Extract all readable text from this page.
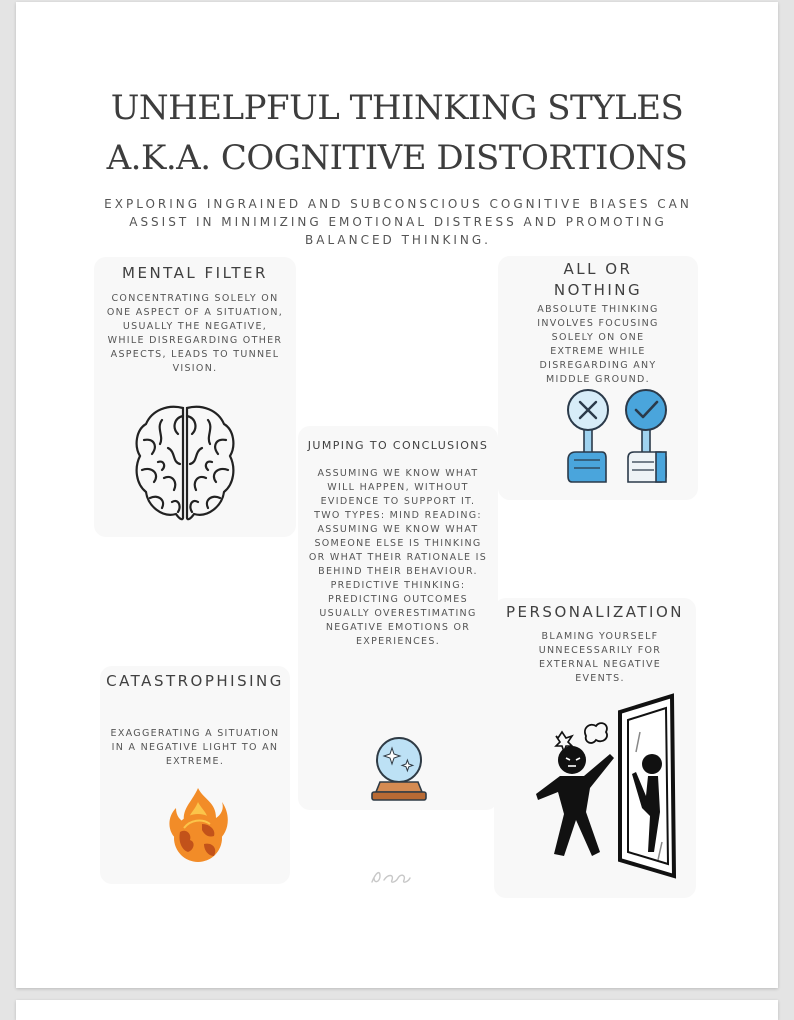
UNHELPFUL THINKING STYLES
A.K.A. COGNITIVE DISTORTIONS
EXPLORING INGRAINED AND SUBCONSCIOUS COGNITIVE BIASES CAN ASSIST IN MINIMIZING EMOTIONAL DISTRESS AND PROMOTING BALANCED THINKING.
MENTAL FILTER
CONCENTRATING SOLELY ON ONE ASPECT OF A SITUATION, USUALLY THE NEGATIVE, WHILE DISREGARDING OTHER ASPECTS, LEADS TO TUNNEL VISION.
ALL OR NOTHING
ABSOLUTE THINKING INVOLVES FOCUSING SOLELY ON ONE EXTREME WHILE DISREGARDING ANY MIDDLE GROUND.
JUMPING TO CONCLUSIONS
ASSUMING WE KNOW WHAT WILL HAPPEN, WITHOUT EVIDENCE TO SUPPORT IT. TWO TYPES: MIND READING: ASSUMING WE KNOW WHAT SOMEONE ELSE IS THINKING OR WHAT THEIR RATIONALE IS BEHIND THEIR BEHAVIOUR. PREDICTIVE THINKING: PREDICTING OUTCOMES USUALLY OVERESTIMATING NEGATIVE EMOTIONS OR EXPERIENCES.
CATASTROPHISING
EXAGGERATING A SITUATION IN A NEGATIVE LIGHT TO AN EXTREME.
PERSONALIZATION
BLAMING YOURSELF UNNECESSARILY FOR EXTERNAL NEGATIVE EVENTS.
